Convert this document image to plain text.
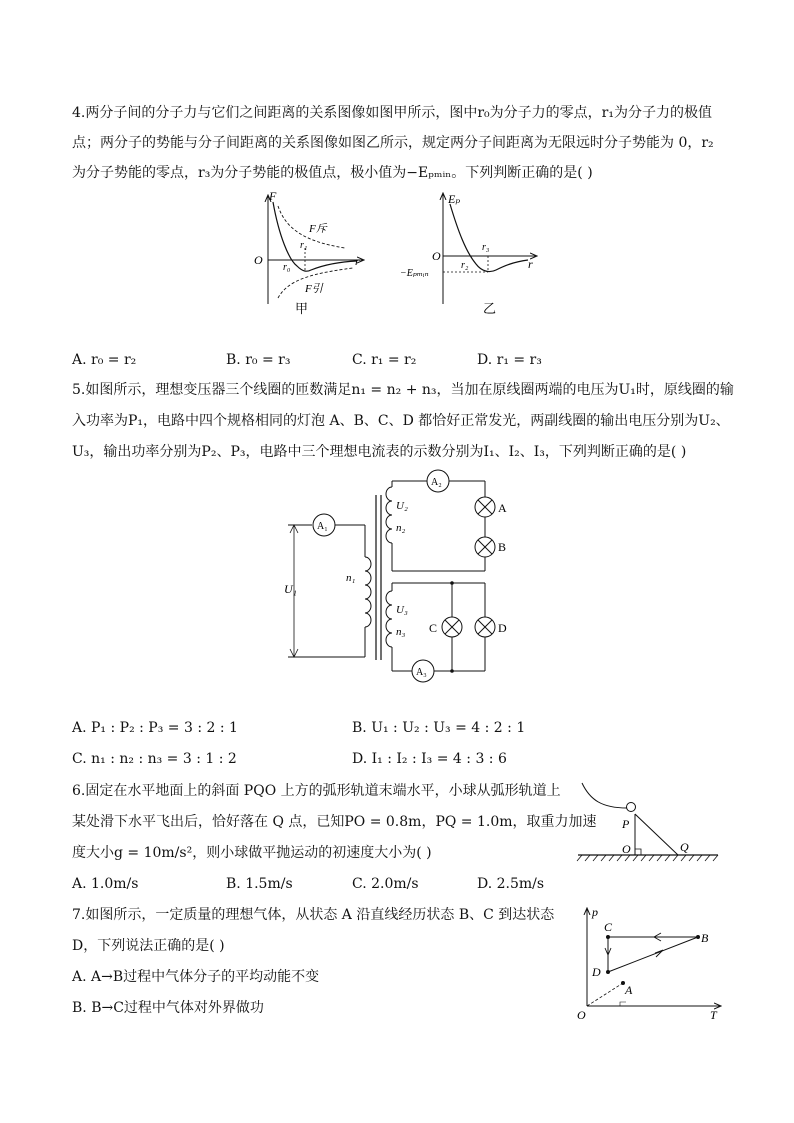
4.两分子间的分子力与它们之间距离的关系图像如图甲所示，图中r₀为分子力的零点，r₁为分子力的极值
点；两分子的势能与分子间距离的关系图像如图乙所示，规定两分子间距离为无限远时分子势能为 0，r₂
为分子势能的零点，r₃为分子势能的极值点，极小值为−Eₚₘᵢₙ。下列判断正确的是( )
F
O	r
r₀
r₁
F斥
F引
甲
Eₚ
O
r
r₂
r₃
−Eₚₘᵢₙ
乙
A. r₀ = r₂	B. r₀ = r₃	C. r₁ = r₂	D. r₁ = r₃
5.如图所示，理想变压器三个线圈的匝数满足n₁ = n₂ + n₃，当加在原线圈两端的电压为U₁时，原线圈的输
入功率为P₁，电路中四个规格相同的灯泡 A、B、C、D 都恰好正常发光，两副线圈的输出电压分别为U₂、
U₃，输出功率分别为P₂、P₃，电路中三个理想电流表的示数分别为I₁、I₂、I₃，下列判断正确的是( )
A₁
U₁
n₁
A₂
A
B
U₂
n₂
A₃
C	D
U₃
n₃
A. P₁ : P₂ : P₃ = 3 : 2 : 1	B. U₁ : U₂ : U₃ = 4 : 2 : 1
C. n₁ : n₂ : n₃ = 3 : 1 : 2	D. I₁ : I₂ : I₃ = 4 : 3 : 6
6.固定在水平地面上的斜面 PQO 上方的弧形轨道末端水平，小球从弧形轨道上
某处滑下水平飞出后，恰好落在 Q 点，已知PO = 0.8m，PQ = 1.0m，取重力加速
度大小g = 10m/s²，则小球做平抛运动的初速度大小为( )
P
O	Q
A. 1.0m/s	B. 1.5m/s	C. 2.0m/s	D. 2.5m/s
7.如图所示，一定质量的理想气体，从状态 A 沿直线经历状态 B、C 到达状态
D，下列说法正确的是( )
A. A→B过程中气体分子的平均动能不变
B. B→C过程中气体对外界做功
p
T
O
A
B
C
D
